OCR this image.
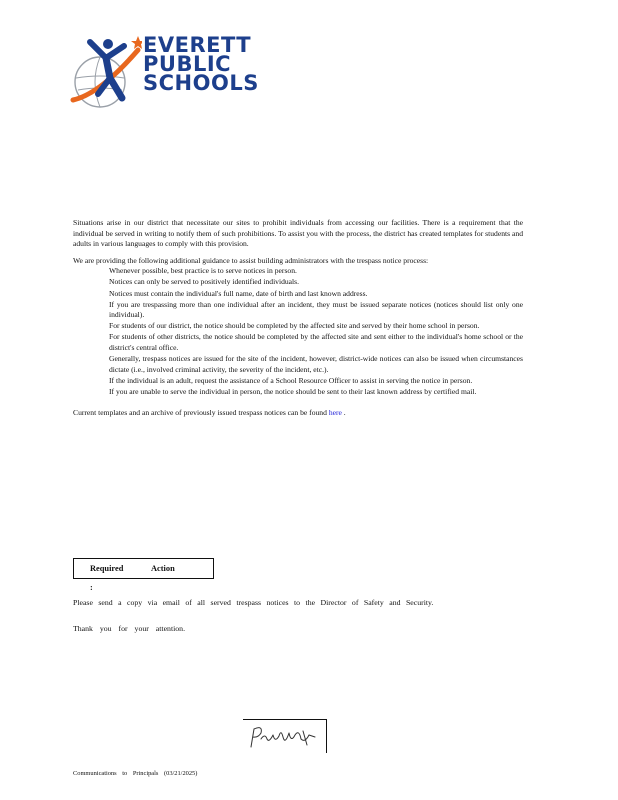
EVERETT
PUBLIC
SCHOOLS

Situations arise in our district that necessitate our sites to prohibit individuals from accessing our facilities. There is a requirement that the individual be served in writing to notify them of such prohibitions. To assist you with the process, the district has created templates for students and adults in various languages to comply with this provision.

We are providing the following additional guidance to assist building administrators with the trespass notice process:

Whenever possible, best practice is to serve notices in person.
Notices can only be served to positively identified individuals.
Notices must contain the individual's full name, date of birth and last known address.
If you are trespassing more than one individual after an incident, they must be issued separate notices (notices should list only one individual).
For students of our district, the notice should be completed by the affected site and served by their home school in person.
For students of other districts, the notice should be completed by the affected site and sent either to the individual's home school or the district's central office.
Generally, trespass notices are issued for the site of the incident, however, district-wide notices can also be issued when circumstances dictate (i.e., involved criminal activity, the severity of the incident, etc.).
If the individual is an adult, request the assistance of a School Resource Officer to assist in serving the notice in person.
If you are unable to serve the individual in person, the notice should be sent to their last known address by certified mail.

Current templates and an archive of previously issued trespass notices can be found here .

Required	Action :
Please send a copy via email of all served trespass notices to the Director of Safety and Security.
Thank you for your attention.
Communications to Principals (03/21/2025)
